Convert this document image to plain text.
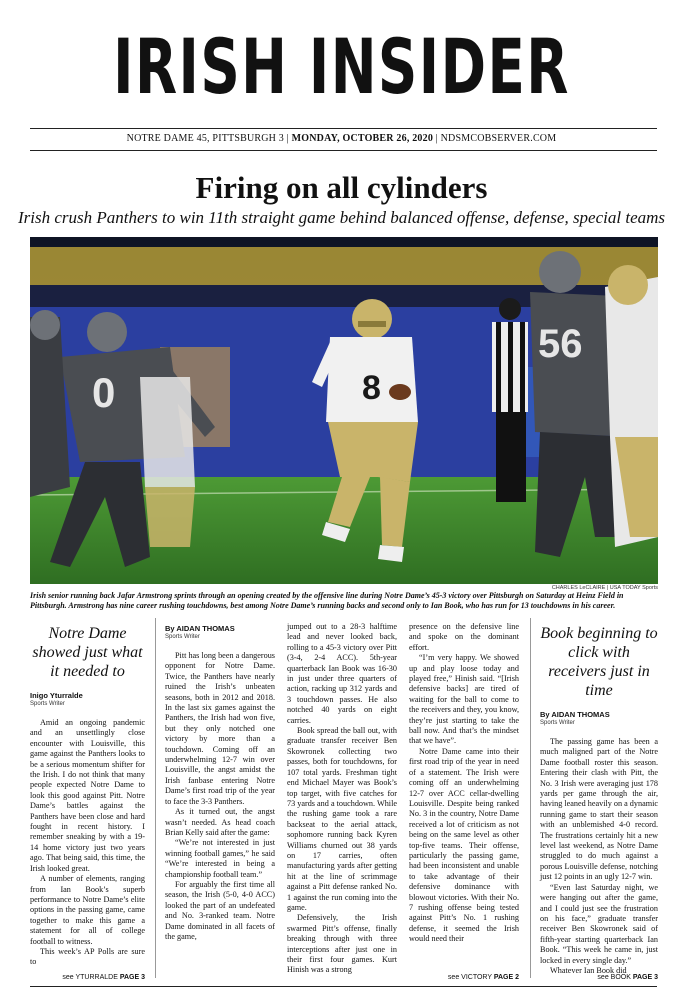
IRISH INSIDER
NOTRE DAME 45, PITTSBURGH 3 | MONDAY, OCTOBER 26, 2020 | NDSMCOBSERVER.COM
Firing on all cylinders
Irish crush Panthers to win 11th straight game behind balanced offense, defense, special teams
0	8
56
CHARLES LeCLAIRE | USA TODAY Sports
Irish senior running back Jafar Armstrong sprints through an opening created by the offensive line during Notre Dame’s 45-3 victory over Pittsburgh on Saturday at Heinz Field in Pittsburgh. Armstrong has nine career rushing touchdowns, best among Notre Dame’s running backs and second only to Ian Book, who has run for 13 touchdowns in his career.
Notre Dame showed just what it needed to
Inigo Yturralde
Sports Writer

Amid an ongoing pandemic and an unsettlingly close encounter with Louisville, this game against the Panthers looks to be a serious momentum shifter for the Irish. I do not think that many people expected Notre Dame to look this good against Pitt. Notre Dame’s battles against the Panthers have been close and hard fought in recent history. I remember sneaking by with a 19-14 home victory just two years ago. That being said, this time, the Irish looked great.

A number of elements, ranging from Ian Book’s superb performance to Notre Dame’s elite options in the passing game, came together to make this game a statement for all of college football to witness.

This week’s AP Polls are sure to

see YTURRALDE PAGE 3
By AIDAN THOMAS
Sports Writer

Pitt has long been a dangerous opponent for Notre Dame. Twice, the Panthers have nearly ruined the Irish’s unbeaten seasons, both in 2012 and 2018. In the last six games against the Panthers, the Irish had won five, but they only notched one victory by more than a touchdown. Coming off an underwhelming 12-7 win over Louisville, the angst amidst the Irish fanbase entering Notre Dame’s first road trip of the year to face the 3-3 Panthers.

As it turned out, the angst wasn’t needed. As head coach Brian Kelly said after the game:

“We’re not interested in just winning football games,” he said “We’re interested in being a championship football team.”

For arguably the first time all season, the Irish (5-0, 4-0 ACC) looked the part of an undefeated and No. 3-ranked team. Notre Dame dominated in all facets of the game,

jumped out to a 28-3 halftime lead and never looked back, rolling to a 45-3 victory over Pitt (3-4, 2-4 ACC). 5th-year quarterback Ian Book was 16-30 in just under three quarters of action, racking up 312 yards and 3 touchdown passes. He also notched 40 yards on eight carries.

Book spread the ball out, with graduate transfer receiver Ben Skowronek collecting two passes, both for touchdowns, for 107 total yards. Freshman tight end Michael Mayer was Book’s top target, with five catches for 73 yards and a touchdown. While the rushing game took a rare backseat to the aerial attack, sophomore running back Kyren Williams churned out 38 yards on 17 carries, often manufacturing yards after getting hit at the line of scrimmage against a Pitt defense ranked No. 1 against the run coming into the game.

Defensively, the Irish swarmed Pitt’s offense, finally breaking through with three interceptions after just one in their first four games. Kurt Hinish was a strong

presence on the defensive line and spoke on the dominant effort.

“I’m very happy. We showed up and play loose today and played free,” Hinish said. “[Irish defensive backs] are tired of waiting for the ball to come to the receivers and they, you know, they’re just starting to take the ball now. And that’s the mindset that we have”.

Notre Dame came into their first road trip of the year in need of a statement. The Irish were coming off an underwhelming 12-7 over ACC cellar-dwelling Louisville. Despite being ranked No. 3 in the country, Notre Dame received a lot of criticism as not being on the same level as other top-five teams. Their offense, particularly the passing game, had been inconsistent and unable to take advantage of their defensive dominance with blowout victories. With their No. 7 rushing offense being tested against Pitt’s No. 1 rushing defense, it seemed the Irish would need their

see VICTORY PAGE 2
Book beginning to click with receivers just in time
By AIDAN THOMAS
Sports Writer

The passing game has been a much maligned part of the Notre Dame football roster this season. Entering their clash with Pitt, the No. 3 Irish were averaging just 178 yards per game through the air, having leaned heavily on a dynamic running game to start their season with an unblemished 4-0 record. The frustrations certainly hit a new level last weekend, as Notre Dame struggled to do much against a porous Louisville defense, notching just 12 points in an ugly 12-7 win.

“Even last Saturday night, we were hanging out after the game, and I could just see the frustration on his face,” graduate transfer receiver Ben Skowronek said of fifth-year starting quarterback Ian Book. “This week he came in, just locked in every single day.”

Whatever Ian Book did

see BOOK PAGE 3
